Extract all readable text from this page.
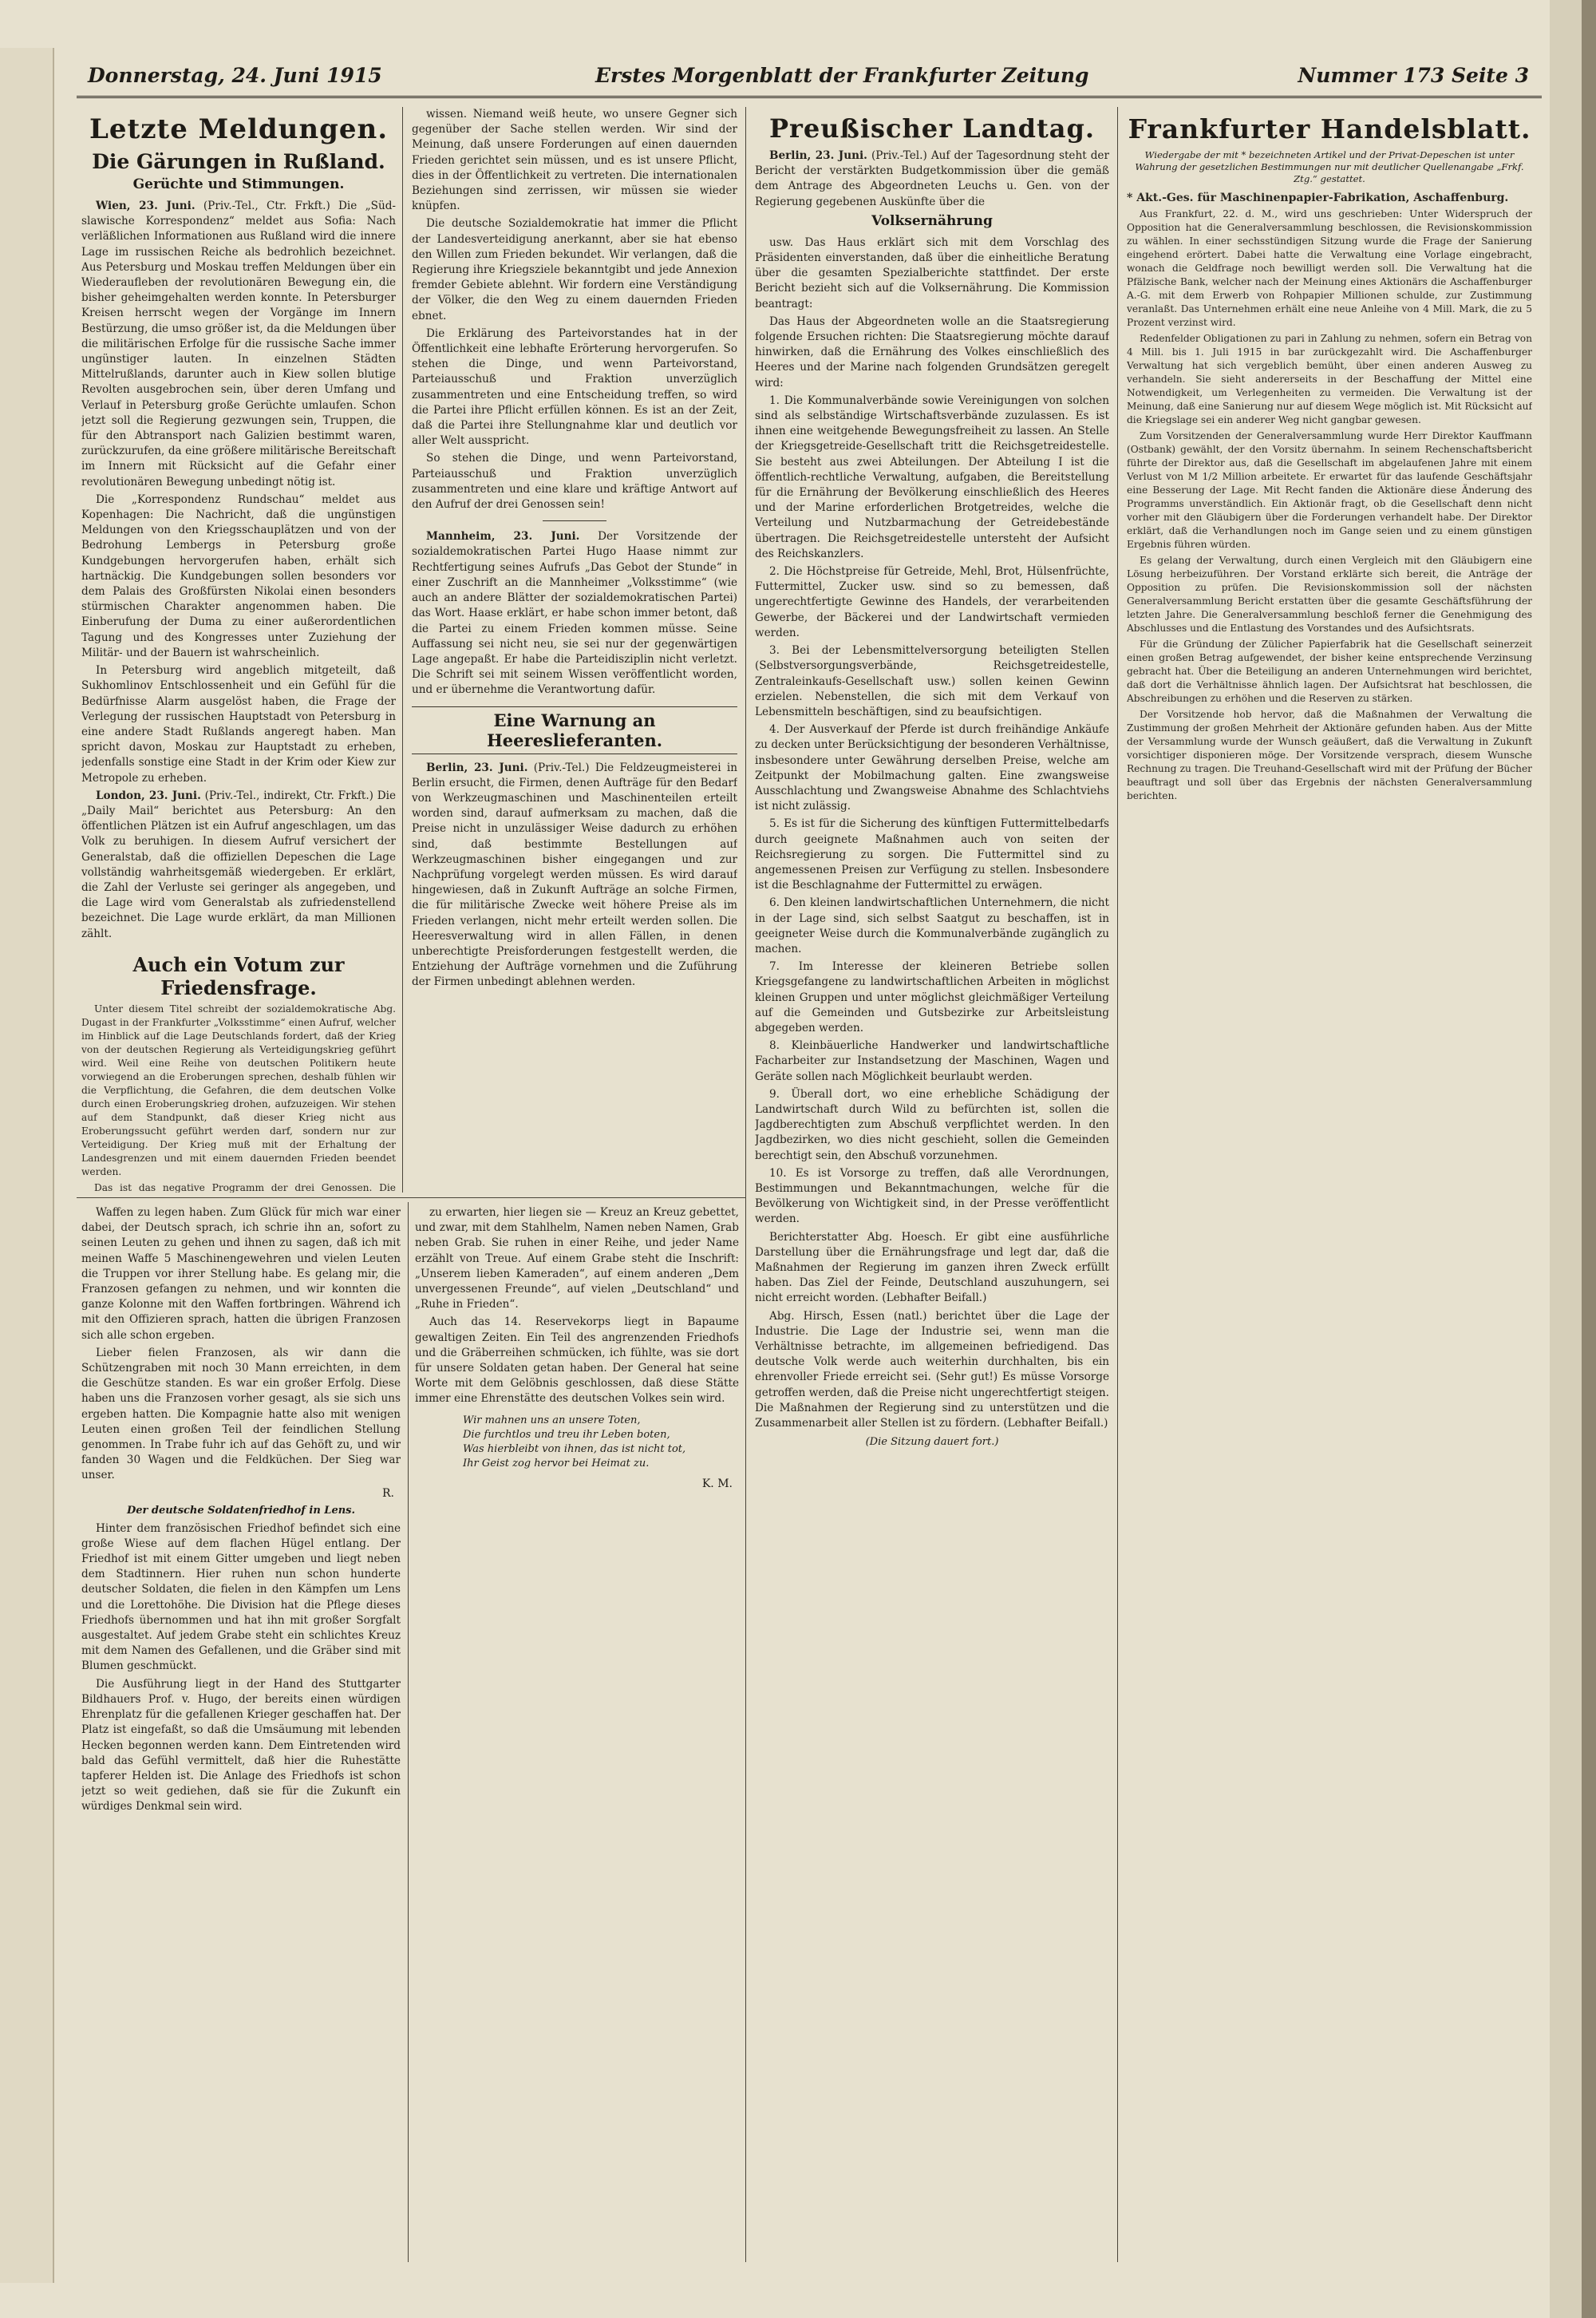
Donnerstag, 24. Juni 1915	Erstes Morgenblatt der Frankfurter Zeitung	Nummer 173 Seite 3
Letzte Meldungen.
Die Gärungen in Rußland.
Gerüchte und Stimmungen.

Wien, 23. Juni. (Priv.-Tel., Ctr. Frkft.) Die „Süd-slawische Korrespondenz“ meldet aus Sofia: Nach verläßlichen Informationen aus Rußland wird die innere Lage im russischen Reiche als bedrohlich bezeichnet. Aus Petersburg und Moskau treffen Meldungen über ein Wiederaufleben der revolutionären Bewegung ein, die bisher geheimgehalten werden konnte. In Petersburger Kreisen herrscht wegen der Vorgänge im Innern Bestürzung, die umso größer ist, da die Meldungen über die militärischen Erfolge für die russische Sache immer ungünstiger lauten. In einzelnen Städten Mittelrußlands, darunter auch in Kiew sollen blutige Revolten ausgebrochen sein, über deren Umfang und Verlauf in Petersburg große Gerüchte umlaufen. Schon jetzt soll die Regierung gezwungen sein, Truppen, die für den Abtransport nach Galizien bestimmt waren, zurückzurufen, da eine größere militärische Bereitschaft im Innern mit Rücksicht auf die Gefahr einer revolutionären Bewegung unbedingt nötig ist.

Die „Korrespondenz Rundschau“ meldet aus Kopenhagen: Die Nachricht, daß die ungünstigen Meldungen von den Kriegsschauplätzen und von der Bedrohung Lembergs in Petersburg große Kundgebungen hervorgerufen haben, erhält sich hartnäckig. Die Kundgebungen sollen besonders vor dem Palais des Großfürsten Nikolai einen besonders stürmischen Charakter angenommen haben. Die Einberufung der Duma zu einer außerordentlichen Tagung und des Kongresses unter Zuziehung der Militär- und der Bauern ist wahrscheinlich.

In Petersburg wird angeblich mitgeteilt, daß Sukhomlinov Entschlossenheit und ein Gefühl für die Bedürfnisse Alarm ausgelöst haben, die Frage der Verlegung der russischen Hauptstadt von Petersburg in eine andere Stadt Rußlands angeregt haben. Man spricht davon, Moskau zur Hauptstadt zu erheben, jedenfalls sonstige eine Stadt in der Krim oder Kiew zur Metropole zu erheben.

London, 23. Juni. (Priv.-Tel., indirekt, Ctr. Frkft.) Die „Daily Mail“ berichtet aus Petersburg: An den öffentlichen Plätzen ist ein Aufruf angeschlagen, um das Volk zu beruhigen. In diesem Aufruf versichert der Generalstab, daß die offiziellen Depeschen die Lage vollständig wahrheitsgemäß wiedergeben. Er erklärt, die Zahl der Verluste sei geringer als angegeben, und die Lage wird vom Generalstab als zufriedenstellend bezeichnet. Die Lage wurde erklärt, da man Millionen zählt.

Auch ein Votum zur Friedensfrage.

Unter diesem Titel schreibt der sozialdemokratische Abg. Dugast in der Frankfurter „Volksstimme“ einen Aufruf, welcher im Hinblick auf die Lage Deutschlands fordert, daß der Krieg von der deutschen Regierung als Verteidigungskrieg geführt wird. Weil eine Reihe von deutschen Politikern heute vorwiegend an die Eroberungen sprechen, deshalb fühlen wir die Verpflichtung, die Gefahren, die dem deutschen Volke durch einen Eroberungskrieg drohen, aufzuzeigen. Wir stehen auf dem Standpunkt, daß dieser Krieg nicht aus Eroberungssucht geführt werden darf, sondern nur zur Verteidigung. Der Krieg muß mit der Erhaltung der Landesgrenzen und mit einem dauernden Frieden beendet werden.

Das ist das negative Programm der drei Genossen. Die

wissen. Niemand weiß heute, wo unsere Gegner sich gegenüber der Sache stellen werden. Wir sind der Meinung, daß unsere Forderungen auf einen dauernden Frieden gerichtet sein müssen, und es ist unsere Pflicht, dies in der Öffentlichkeit zu vertreten. Die internationalen Beziehungen sind zerrissen, wir müssen sie wieder knüpfen.

Die deutsche Sozialdemokratie hat immer die Pflicht der Landesverteidigung anerkannt, aber sie hat ebenso den Willen zum Frieden bekundet. Wir verlangen, daß die Regierung ihre Kriegsziele bekanntgibt und jede Annexion fremder Gebiete ablehnt. Wir fordern eine Verständigung der Völker, die den Weg zu einem dauernden Frieden ebnet.

Die Erklärung des Parteivorstandes hat in der Öffentlichkeit eine lebhafte Erörterung hervorgerufen. So stehen die Dinge, und wenn Parteivorstand, Parteiausschuß und Fraktion unverzüglich zusammentreten und eine Entscheidung treffen, so wird die Partei ihre Pflicht erfüllen können. Es ist an der Zeit, daß die Partei ihre Stellungnahme klar und deutlich vor aller Welt ausspricht.

So stehen die Dinge, und wenn Parteivorstand, Parteiausschuß und Fraktion unverzüglich zusammentreten und eine klare und kräftige Antwort auf den Aufruf der drei Genossen sein!

Mannheim, 23. Juni. Der Vorsitzende der sozialdemokratischen Partei Hugo Haase nimmt zur Rechtfertigung seines Aufrufs „Das Gebot der Stunde“ in einer Zuschrift an die Mannheimer „Volksstimme“ (wie auch an andere Blätter der sozialdemokratischen Partei) das Wort. Haase erklärt, er habe schon immer betont, daß die Partei zu einem Frieden kommen müsse. Seine Auffassung sei nicht neu, sie sei nur der gegenwärtigen Lage angepaßt. Er habe die Parteidisziplin nicht verletzt. Die Schrift sei mit seinem Wissen veröffentlicht worden, und er übernehme die Verantwortung dafür.

Eine Warnung an Heereslieferanten.

Berlin, 23. Juni. (Priv.-Tel.) Die Feldzeugmeisterei in Berlin ersucht, die Firmen, denen Aufträge für den Bedarf von Werkzeugmaschinen und Maschinenteilen erteilt worden sind, darauf aufmerksam zu machen, daß die Preise nicht in unzulässiger Weise dadurch zu erhöhen sind, daß bestimmte Bestellungen auf Werkzeugmaschinen bisher eingegangen und zur Nachprüfung vorgelegt werden müssen. Es wird darauf hingewiesen, daß in Zukunft Aufträge an solche Firmen, die für militärische Zwecke weit höhere Preise als im Frieden verlangen, nicht mehr erteilt werden sollen. Die Heeresverwaltung wird in allen Fällen, in denen unberechtigte Preisforderungen festgestellt werden, die Entziehung der Aufträge vornehmen und die Zuführung der Firmen unbedingt ablehnen werden.

Waffen zu legen haben. Zum Glück für mich war einer dabei, der Deutsch sprach, ich schrie ihn an, sofort zu seinen Leuten zu gehen und ihnen zu sagen, daß ich mit meinen Waffe 5 Maschinengewehren und vielen Leuten die Truppen vor ihrer Stellung habe. Es gelang mir, die Franzosen gefangen zu nehmen, und wir konnten die ganze Kolonne mit den Waffen fortbringen. Während ich mit den Offizieren sprach, hatten die übrigen Franzosen sich alle schon ergeben.

Lieber fielen Franzosen, als wir dann die Schützengraben mit noch 30 Mann erreichten, in dem die Geschütze standen. Es war ein großer Erfolg. Diese haben uns die Franzosen vorher gesagt, als sie sich uns ergeben hatten. Die Kompagnie hatte also mit wenigen Leuten einen großen Teil der feindlichen Stellung genommen. In Trabe fuhr ich auf das Gehöft zu, und wir fanden 30 Wagen und die Feldküchen. Der Sieg war unser.

R.
Der deutsche Soldatenfriedhof in Lens.

Hinter dem französischen Friedhof befindet sich eine große Wiese auf dem flachen Hügel entlang. Der Friedhof ist mit einem Gitter umgeben und liegt neben dem Stadtinnern. Hier ruhen nun schon hunderte deutscher Soldaten, die fielen in den Kämpfen um Lens und die Lorettohöhe. Die Division hat die Pflege dieses Friedhofs übernommen und hat ihn mit großer Sorgfalt ausgestaltet. Auf jedem Grabe steht ein schlichtes Kreuz mit dem Namen des Gefallenen, und die Gräber sind mit Blumen geschmückt.

Die Ausführung liegt in der Hand des Stuttgarter Bildhauers Prof. v. Hugo, der bereits einen würdigen Ehrenplatz für die gefallenen Krieger geschaffen hat. Der Platz ist eingefaßt, so daß die Umsäumung mit lebenden Hecken begonnen werden kann. Dem Eintretenden wird bald das Gefühl vermittelt, daß hier die Ruhestätte tapferer Helden ist. Die Anlage des Friedhofs ist schon jetzt so weit gediehen, daß sie für die Zukunft ein würdiges Denkmal sein wird.

zu erwarten, hier liegen sie — Kreuz an Kreuz gebettet, und zwar, mit dem Stahlhelm, Namen neben Namen, Grab neben Grab. Sie ruhen in einer Reihe, und jeder Name erzählt von Treue. Auf einem Grabe steht die Inschrift: „Unserem lieben Kameraden“, auf einem anderen „Dem unvergessenen Freunde“, auf vielen „Deutschland“ und „Ruhe in Frieden“.

Auch das 14. Reservekorps liegt in Bapaume gewaltigen Zeiten. Ein Teil des angrenzenden Friedhofs und die Gräberreihen schmücken, ich fühlte, was sie dort für unsere Soldaten getan haben. Der General hat seine Worte mit dem Gelöbnis geschlossen, daß diese Stätte immer eine Ehrenstätte des deutschen Volkes sein wird.

Wir mahnen uns an unsere Toten,
Die furchtlos und treu ihr Leben boten,
Was hierbleibt von ihnen, das ist nicht tot,
Ihr Geist zog hervor bei Heimat zu.
K. M.
Preußischer Landtag.

Berlin, 23. Juni. (Priv.-Tel.) Auf der Tagesordnung steht der Bericht der verstärkten Budgetkommission über die gemäß dem Antrage des Abgeordneten Leuchs u. Gen. von der Regierung gegebenen Auskünfte über die

Volksernährung

usw. Das Haus erklärt sich mit dem Vorschlag des Präsidenten einverstanden, daß über die einheitliche Beratung über die gesamten Spezialberichte stattfindet. Der erste Bericht bezieht sich auf die Volksernährung. Die Kommission beantragt:

Das Haus der Abgeordneten wolle an die Staatsregierung folgende Ersuchen richten: Die Staatsregierung möchte darauf hinwirken, daß die Ernährung des Volkes einschließlich des Heeres und der Marine nach folgenden Grundsätzen geregelt wird:

1. Die Kommunalverbände sowie Vereinigungen von solchen sind als selbständige Wirtschaftsverbände zuzulassen. Es ist ihnen eine weitgehende Bewegungsfreiheit zu lassen. An Stelle der Kriegsgetreide-Gesellschaft tritt die Reichsgetreidestelle. Sie besteht aus zwei Abteilungen. Der Abteilung I ist die öffentlich-rechtliche Verwaltung, aufgaben, die Bereitstellung für die Ernährung der Bevölkerung einschließlich des Heeres und der Marine erforderlichen Brotgetreides, welche die Verteilung und Nutzbarmachung der Getreidebestände übertragen. Die Reichsgetreidestelle untersteht der Aufsicht des Reichskanzlers.

2. Die Höchstpreise für Getreide, Mehl, Brot, Hülsenfrüchte, Futtermittel, Zucker usw. sind so zu bemessen, daß ungerechtfertigte Gewinne des Handels, der verarbeitenden Gewerbe, der Bäckerei und der Landwirtschaft vermieden werden.

3. Bei der Lebensmittelversorgung beteiligten Stellen (Selbstversorgungsverbände, Reichsgetreidestelle, Zentraleinkaufs-Gesellschaft usw.) sollen keinen Gewinn erzielen. Nebenstellen, die sich mit dem Verkauf von Lebensmitteln beschäftigen, sind zu beaufsichtigen.

4. Der Ausverkauf der Pferde ist durch freihändige Ankäufe zu decken unter Berücksichtigung der besonderen Verhältnisse, insbesondere unter Gewährung derselben Preise, welche am Zeitpunkt der Mobilmachung galten. Eine zwangsweise Ausschlachtung und Zwangsweise Abnahme des Schlachtviehs ist nicht zulässig.

5. Es ist für die Sicherung des künftigen Futtermittelbedarfs durch geeignete Maßnahmen auch von seiten der Reichsregierung zu sorgen. Die Futtermittel sind zu angemessenen Preisen zur Verfügung zu stellen. Insbesondere ist die Beschlagnahme der Futtermittel zu erwägen.

6. Den kleinen landwirtschaftlichen Unternehmern, die nicht in der Lage sind, sich selbst Saatgut zu beschaffen, ist in geeigneter Weise durch die Kommunalverbände zugänglich zu machen.

7. Im Interesse der kleineren Betriebe sollen Kriegsgefangene zu landwirtschaftlichen Arbeiten in möglichst kleinen Gruppen und unter möglichst gleichmäßiger Verteilung auf die Gemeinden und Gutsbezirke zur Arbeitsleistung abgegeben werden.

8. Kleinbäuerliche Handwerker und landwirtschaftliche Facharbeiter zur Instandsetzung der Maschinen, Wagen und Geräte sollen nach Möglichkeit beurlaubt werden.

9. Überall dort, wo eine erhebliche Schädigung der Landwirtschaft durch Wild zu befürchten ist, sollen die Jagdberechtigten zum Abschuß verpflichtet werden. In den Jagdbezirken, wo dies nicht geschieht, sollen die Gemeinden berechtigt sein, den Abschuß vorzunehmen.

10. Es ist Vorsorge zu treffen, daß alle Verordnungen, Bestimmungen und Bekanntmachungen, welche für die Bevölkerung von Wichtigkeit sind, in der Presse veröffentlicht werden.

Berichterstatter Abg. Hoesch. Er gibt eine ausführliche Darstellung über die Ernährungsfrage und legt dar, daß die Maßnahmen der Regierung im ganzen ihren Zweck erfüllt haben. Das Ziel der Feinde, Deutschland auszuhungern, sei nicht erreicht worden. (Lebhafter Beifall.)

Abg. Hirsch, Essen (natl.) berichtet über die Lage der Industrie. Die Lage der Industrie sei, wenn man die Verhältnisse betrachte, im allgemeinen befriedigend. Das deutsche Volk werde auch weiterhin durchhalten, bis ein ehrenvoller Friede erreicht sei. (Sehr gut!) Es müsse Vorsorge getroffen werden, daß die Preise nicht ungerechtfertigt steigen. Die Maßnahmen der Regierung sind zu unterstützen und die Zusammenarbeit aller Stellen ist zu fördern. (Lebhafter Beifall.)

(Die Sitzung dauert fort.)
Frankfurter Handelsblatt.
Wiedergabe der mit * bezeichneten Artikel und der Privat-Depeschen ist unter Wahrung der gesetzlichen Bestimmungen nur mit deutlicher Quellenangabe „Frkf. Ztg.“ gestattet.

* Akt.-Ges. für Maschinenpapier-Fabrikation, Aschaffenburg.

Aus Frankfurt, 22. d. M., wird uns geschrieben: Unter Widerspruch der Opposition hat die Generalversammlung beschlossen, die Revisionskommission zu wählen. In einer sechsstündigen Sitzung wurde die Frage der Sanierung eingehend erörtert. Dabei hatte die Verwaltung eine Vorlage eingebracht, wonach die Geldfrage noch bewilligt werden soll. Die Verwaltung hat die Pfälzische Bank, welcher nach der Meinung eines Aktionärs die Aschaffenburger A.-G. mit dem Erwerb von Rohpapier Millionen schulde, zur Zustimmung veranlaßt. Das Unternehmen erhält eine neue Anleihe von 4 Mill. Mark, die zu 5 Prozent verzinst wird.

Redenfelder Obligationen zu pari in Zahlung zu nehmen, sofern ein Betrag von 4 Mill. bis 1. Juli 1915 in bar zurückgezahlt wird. Die Aschaffenburger Verwaltung hat sich vergeblich bemüht, über einen anderen Ausweg zu verhandeln. Sie sieht andererseits in der Beschaffung der Mittel eine Notwendigkeit, um Verlegenheiten zu vermeiden. Die Verwaltung ist der Meinung, daß eine Sanierung nur auf diesem Wege möglich ist. Mit Rücksicht auf die Kriegslage sei ein anderer Weg nicht gangbar gewesen.

Zum Vorsitzenden der Generalversammlung wurde Herr Direktor Kauffmann (Ostbank) gewählt, der den Vorsitz übernahm. In seinem Rechenschaftsbericht führte der Direktor aus, daß die Gesellschaft im abgelaufenen Jahre mit einem Verlust von M 1/2 Million arbeitete. Er erwartet für das laufende Geschäftsjahr eine Besserung der Lage. Mit Recht fanden die Aktionäre diese Änderung des Programms unverständlich. Ein Aktionär fragt, ob die Gesellschaft denn nicht vorher mit den Gläubigern über die Forderungen verhandelt habe. Der Direktor erklärt, daß die Verhandlungen noch im Gange seien und zu einem günstigen Ergebnis führen würden.

Es gelang der Verwaltung, durch einen Vergleich mit den Gläubigern eine Lösung herbeizuführen. Der Vorstand erklärte sich bereit, die Anträge der Opposition zu prüfen. Die Revisionskommission soll der nächsten Generalversammlung Bericht erstatten über die gesamte Geschäftsführung der letzten Jahre. Die Generalversammlung beschloß ferner die Genehmigung des Abschlusses und die Entlastung des Vorstandes und des Aufsichtsrats.

Für die Gründung der Zülicher Papierfabrik hat die Gesellschaft seinerzeit einen großen Betrag aufgewendet, der bisher keine entsprechende Verzinsung gebracht hat. Über die Beteiligung an anderen Unternehmungen wird berichtet, daß dort die Verhältnisse ähnlich lagen. Der Aufsichtsrat hat beschlossen, die Abschreibungen zu erhöhen und die Reserven zu stärken.

Der Vorsitzende hob hervor, daß die Maßnahmen der Verwaltung die Zustimmung der großen Mehrheit der Aktionäre gefunden haben. Aus der Mitte der Versammlung wurde der Wunsch geäußert, daß die Verwaltung in Zukunft vorsichtiger disponieren möge. Der Vorsitzende versprach, diesem Wunsche Rechnung zu tragen. Die Treuhand-Gesellschaft wird mit der Prüfung der Bücher beauftragt und soll über das Ergebnis der nächsten Generalversammlung berichten.
